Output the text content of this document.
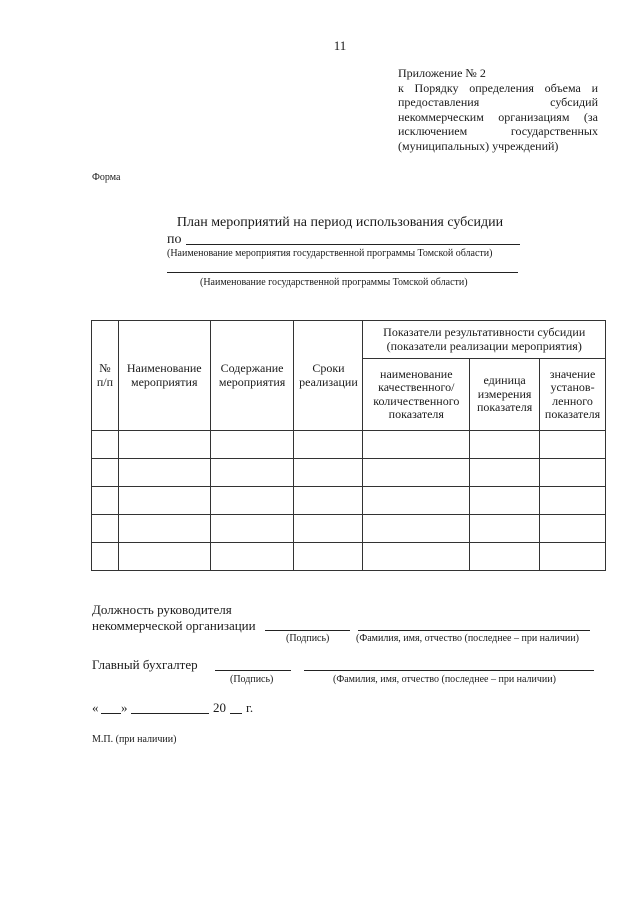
11
Приложение № 2
к Порядку определения объема и предоставления субсидий некоммерческим организациям (за исключением государственных (муниципальных) учреждений)
Форма
План мероприятий на период использования субсидии
по
(Наименование мероприятия государственной программы Томской области)
(Наименование государственной программы Томской области)
№ п/п	Наименование мероприятия	Содержание мероприятия	Сроки реализации	Показатели результативности субсидии (показатели реализации мероприятия)		
				наименование качественного/ количественного показателя	единица измерения показателя	значение установ-ленного показателя

Должность руководителя
некоммерческой организации
(Подпись)	(Фамилия, имя, отчество (последнее – при наличии)
Главный бухгалтер
(Подпись)	(Фамилия, имя, отчество (последнее – при наличии)
« »	20 г.
М.П. (при наличии)
